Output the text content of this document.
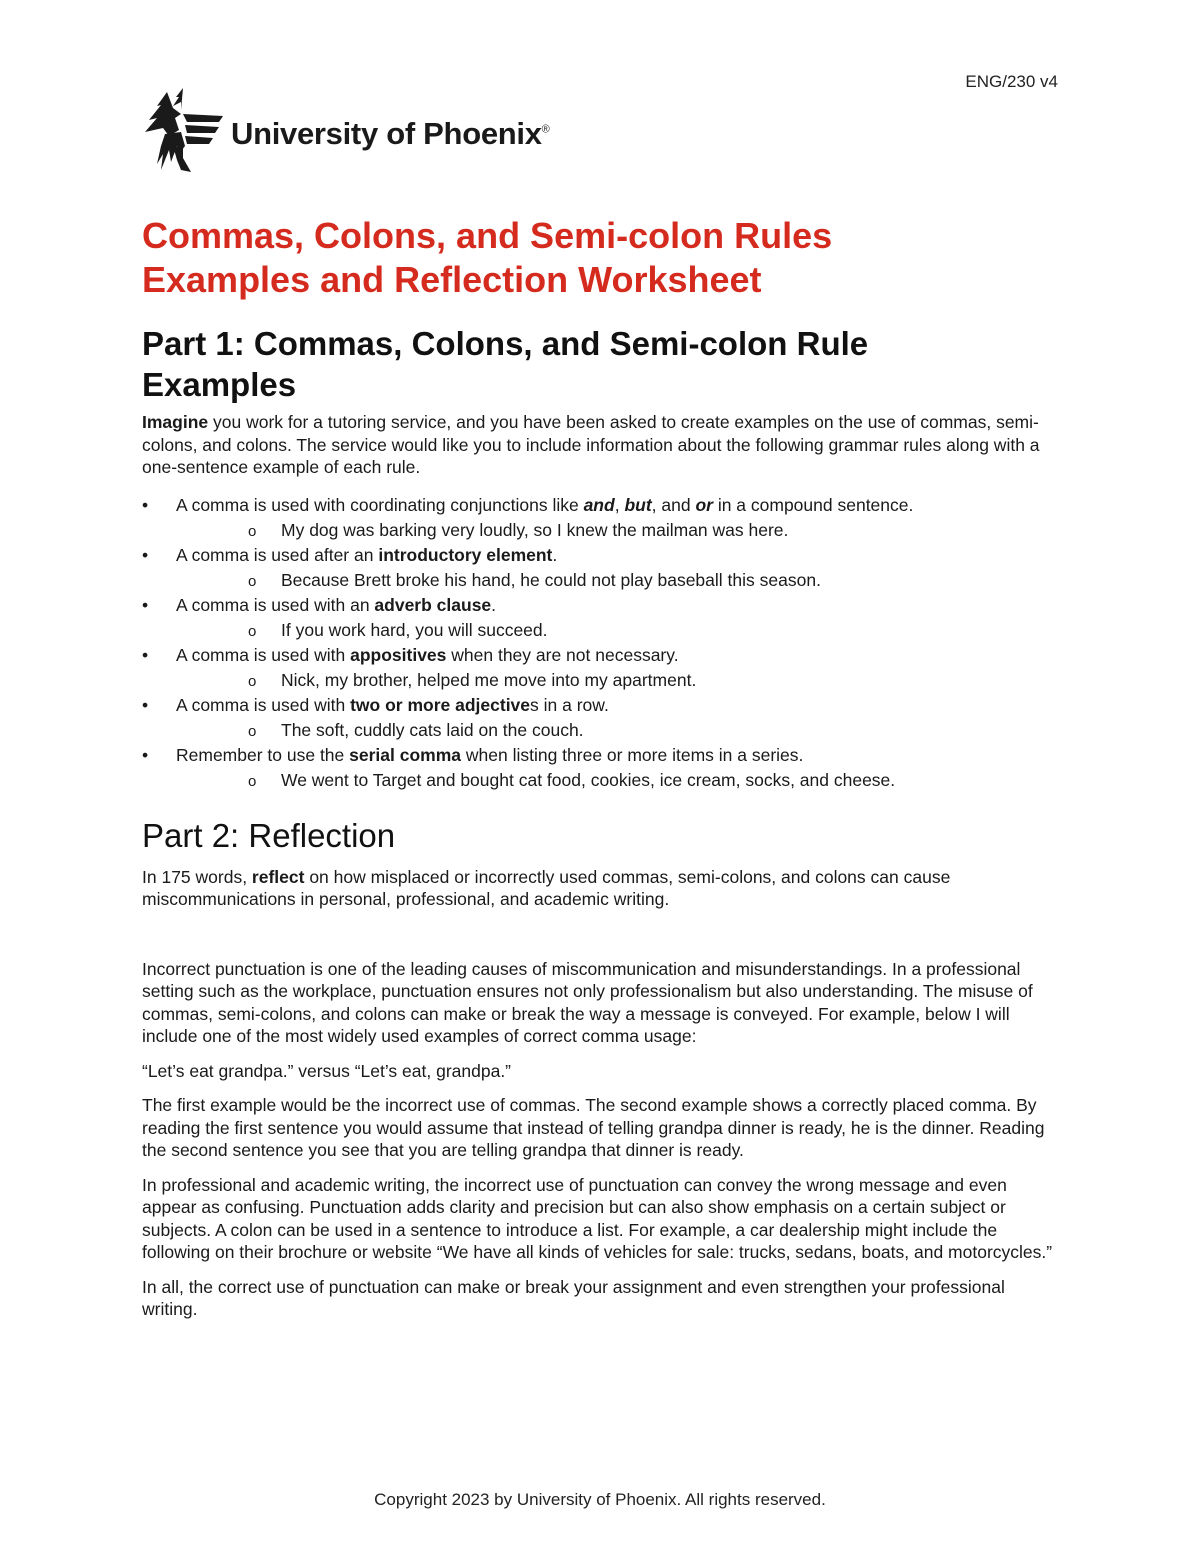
ENG/230 v4
University of Phoenix®
Commas, Colons, and Semi-colon Rules
Examples and Reflection Worksheet
Part 1: Commas, Colons, and Semi-colon Rule
Examples

Imagine you work for a tutoring service, and you have been asked to create examples on the use of commas, semi-colons, and colons. The service would like you to include information about the following grammar rules along with a one-sentence example of each rule.

• A comma is used with coordinating conjunctions like and, but, and or in a compound sentence.
o My dog was barking very loudly, so I knew the mailman was here.
• A comma is used after an introductory element.
o Because Brett broke his hand, he could not play baseball this season.
• A comma is used with an adverb clause.
o If you work hard, you will succeed.
• A comma is used with appositives when they are not necessary.
o Nick, my brother, helped me move into my apartment.
• A comma is used with two or more adjectives in a row.
o The soft, cuddly cats laid on the couch.
• Remember to use the serial comma when listing three or more items in a series.
o We went to Target and bought cat food, cookies, ice cream, socks, and cheese.
Part 2: Reflection

In 175 words, reflect on how misplaced or incorrectly used commas, semi-colons, and colons can cause miscommunications in personal, professional, and academic writing.

Incorrect punctuation is one of the leading causes of miscommunication and misunderstandings. In a professional setting such as the workplace, punctuation ensures not only professionalism but also understanding. The misuse of commas, semi-colons, and colons can make or break the way a message is conveyed. For example, below I will include one of the most widely used examples of correct comma usage:

“Let’s eat grandpa.” versus “Let’s eat, grandpa.”

The first example would be the incorrect use of commas. The second example shows a correctly placed comma. By reading the first sentence you would assume that instead of telling grandpa dinner is ready, he is the dinner. Reading the second sentence you see that you are telling grandpa that dinner is ready.

In professional and academic writing, the incorrect use of punctuation can convey the wrong message and even appear as confusing. Punctuation adds clarity and precision but can also show emphasis on a certain subject or subjects. A colon can be used in a sentence to introduce a list. For example, a car dealership might include the following on their brochure or website “We have all kinds of vehicles for sale: trucks, sedans, boats, and motorcycles.”

In all, the correct use of punctuation can make or break your assignment and even strengthen your professional writing.

Copyright 2023 by University of Phoenix. All rights reserved.
